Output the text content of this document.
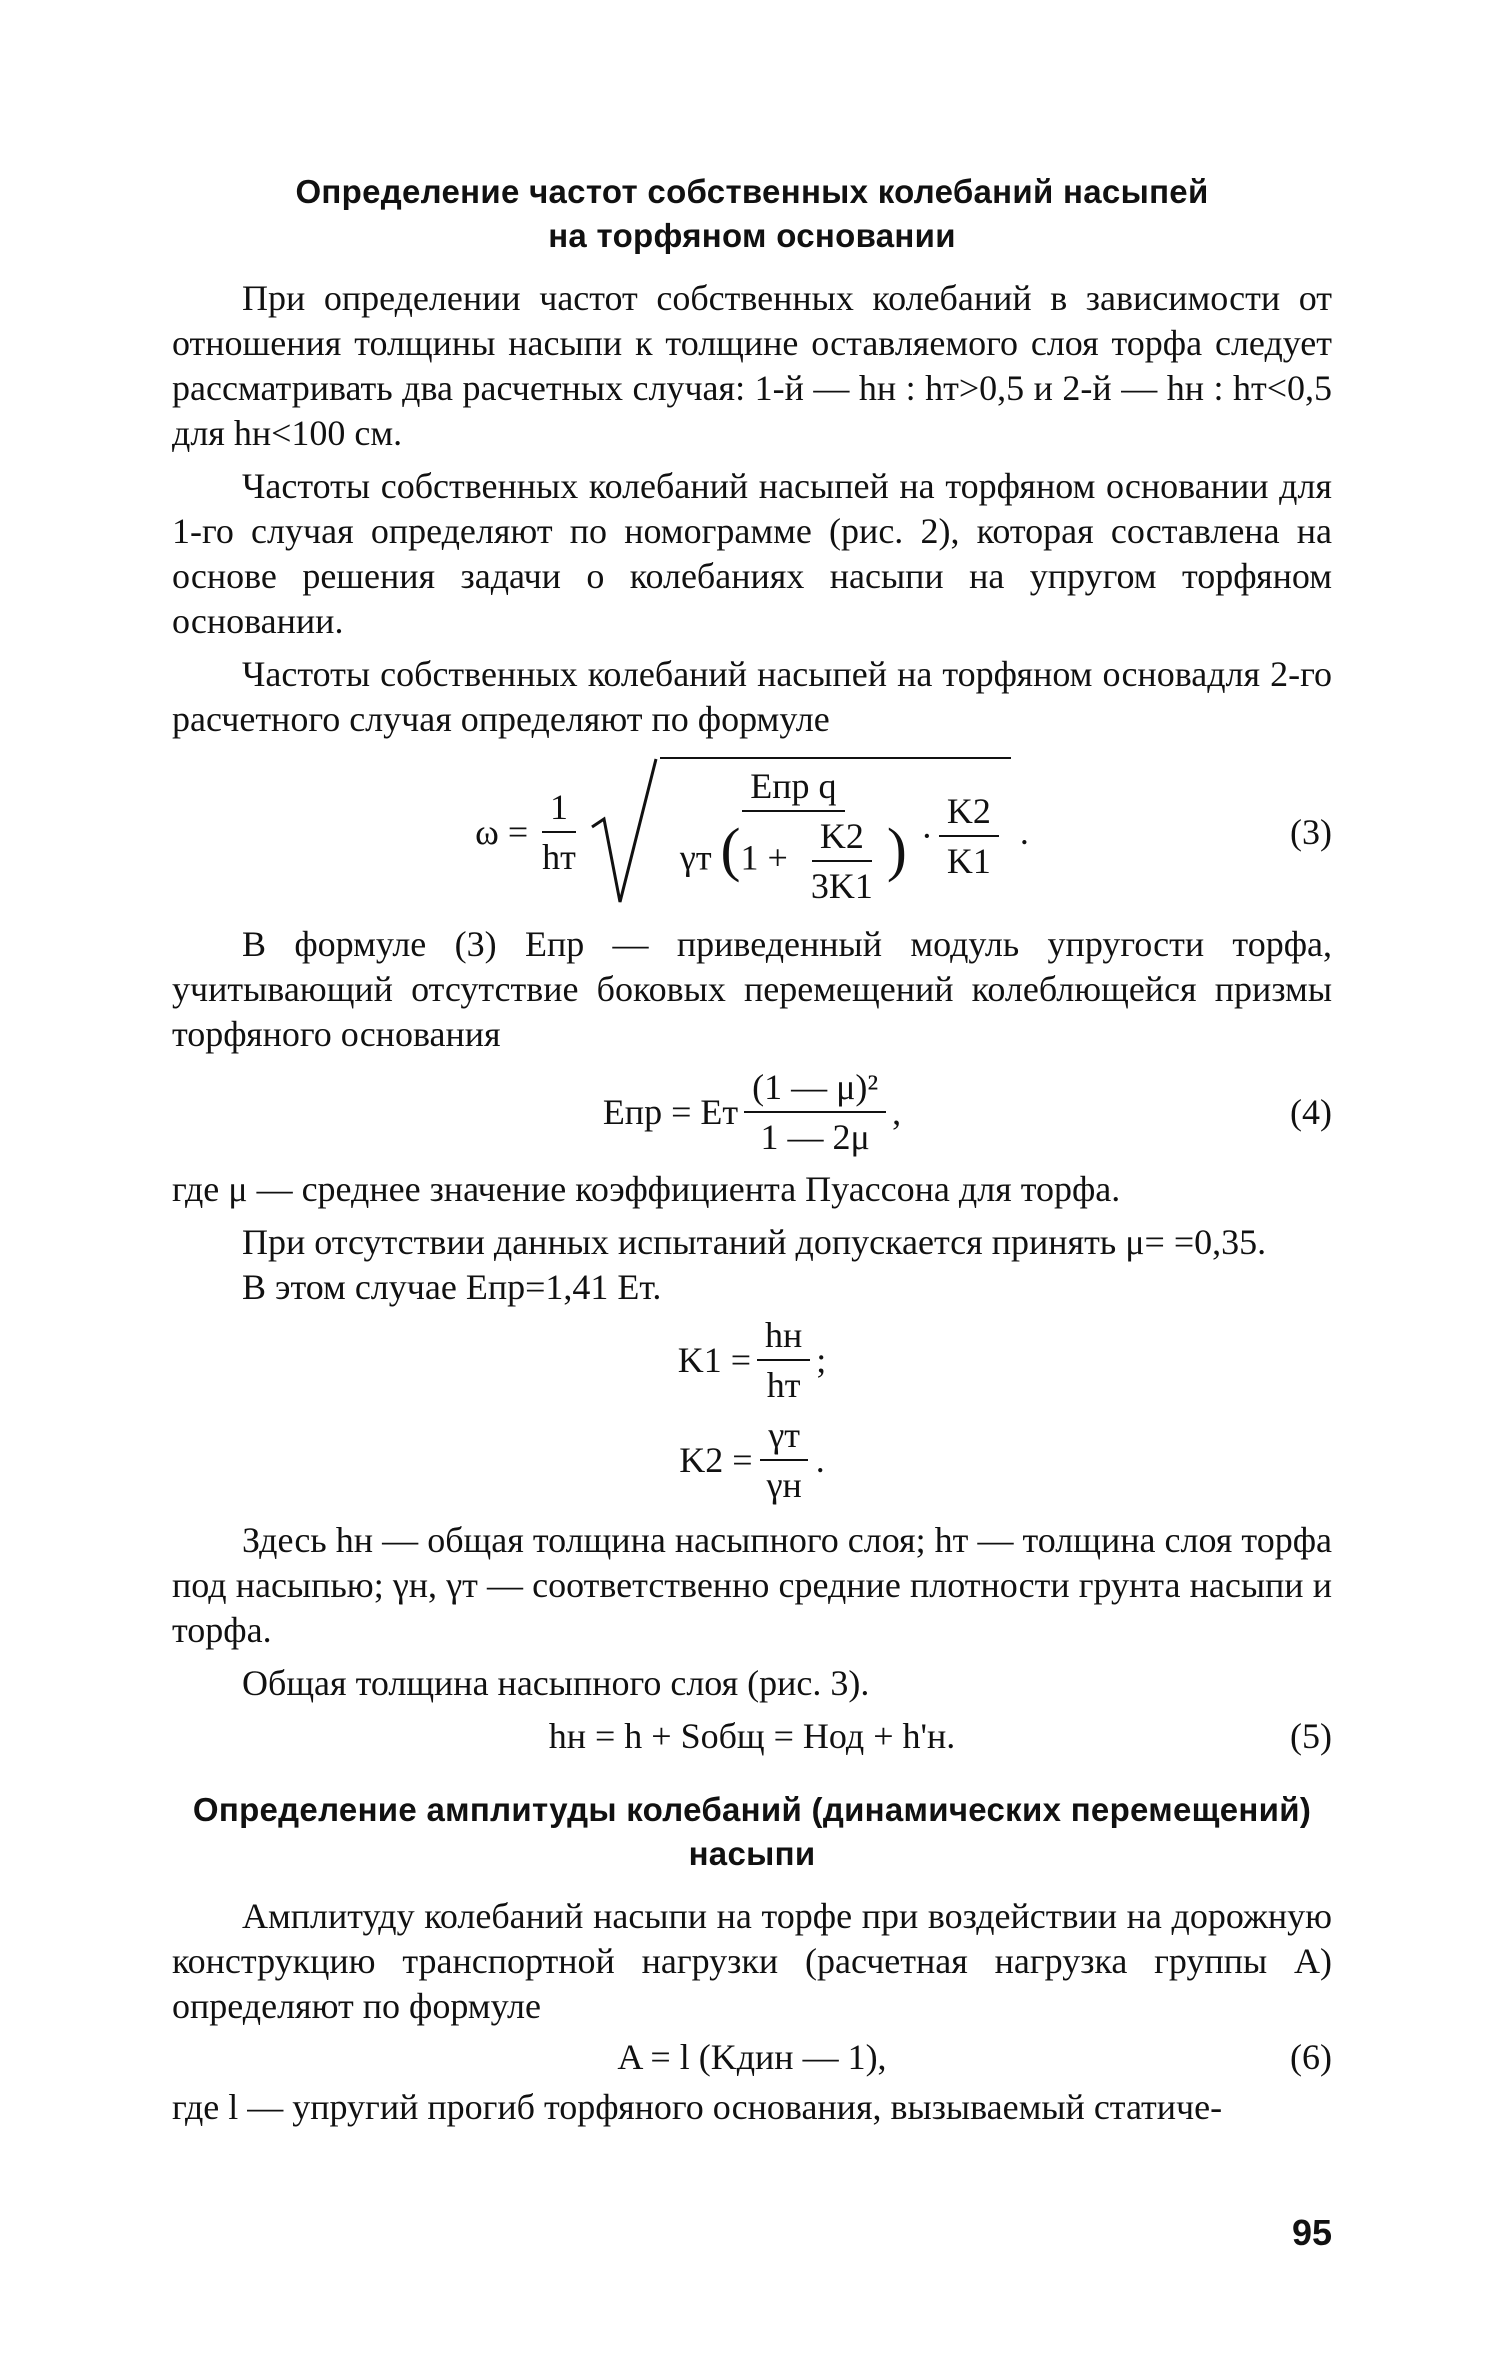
Определение частот собственных колебаний насыпей
на торфяном основании

При определении частот собственных колебаний в зависимости от отношения толщины насыпи к толщине оставляемого слоя торфа следует рассматривать два расчетных случая: 1-й — hн : hт>0,5 и 2-й — hн : hт<0,5 для hн<100 см.

Частоты собственных колебаний насыпей на торфяном основании для 1-го случая определяют по номограмме (рис. 2), которая составлена на основе решения задачи о колебаниях насыпи на упругом торфяном основании.

Частоты собственных колебаний насыпей на торфяном основадля 2-го расчетного случая определяют по формуле

$\omega = \frac{1}{hт}$
Eпр q
γт ($1 + \frac{K2}{3K1}$ ) · $\frac{K2}{K1}$ .	(3)

В формуле (3) Eпр — приведенный модуль упругости торфа, учитывающий отсутствие боковых перемещений колеблющейся призмы торфяного основания

Eпр = Eт $\frac{\text{(1 — μ)²}}{1 — 2\mu}$ ,	(4)

где μ — среднее значение коэффициента Пуассона для торфа.

При отсутствии данных испытаний допускается принять μ= =0,35.

В этом случае Eпр=1,41 Eт.

$K1 = \frac{hн}{hт}$ ;
$K2 = \frac{\gamma т}{\gamma н}$ .

Здесь hн — общая толщина насыпного слоя; hт — толщина слоя торфа под насыпью; γн, γт — соответственно средние плотности грунта насыпи и торфа.

Общая толщина насыпного слоя (рис. 3).

hн = h + Sобщ = Hод + h'н.	(5)
Определение амплитуды колебаний (динамических перемещений)
насыпи

Амплитуду колебаний насыпи на торфе при воздействии на дорожную конструкцию транспортной нагрузки (расчетная нагрузка группы А) определяют по формуле

A = l (Kдин — 1),	(6)

где l — упругий прогиб торфяного основания, вызываемый статиче-

95
